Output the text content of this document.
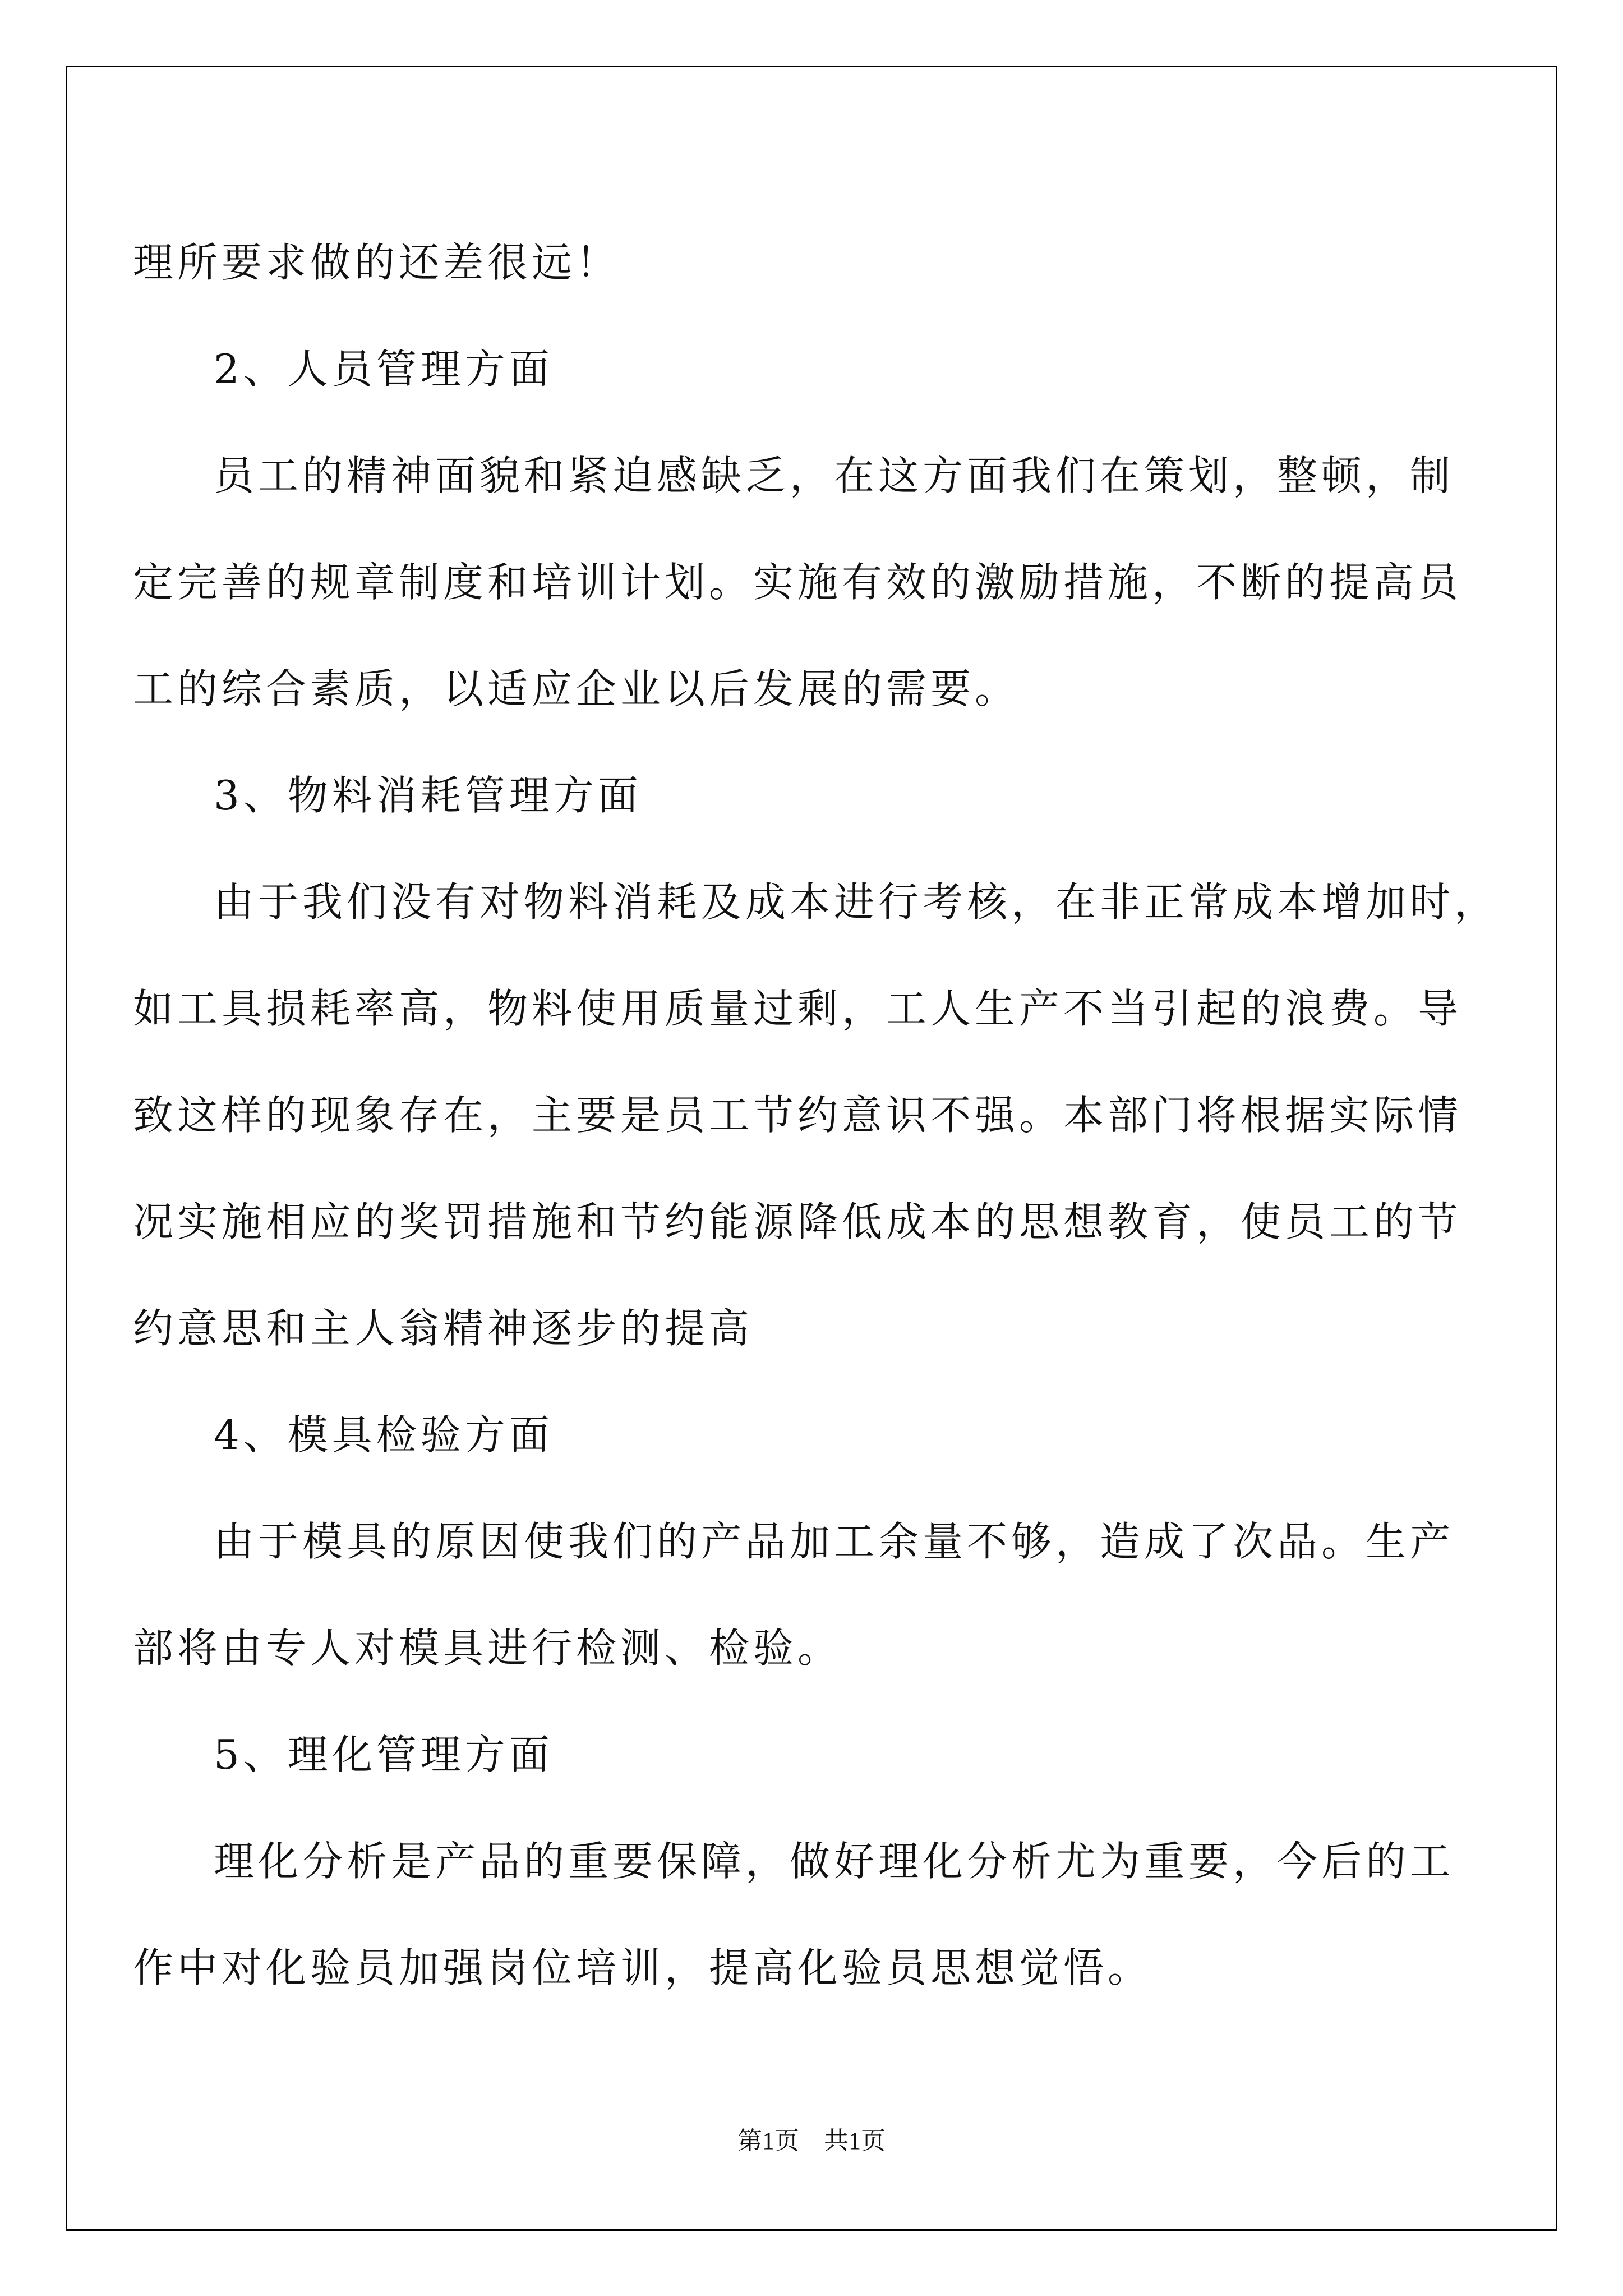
理所要求做的还差很远！
2、人员管理方面
员工的精神面貌和紧迫感缺乏，在这方面我们在策划，整顿，制
定完善的规章制度和培训计划。实施有效的激励措施，不断的提高员
工的综合素质，以适应企业以后发展的需要。
3、物料消耗管理方面
由于我们没有对物料消耗及成本进行考核，在非正常成本增加时，
如工具损耗率高，物料使用质量过剩，工人生产不当引起的浪费。导
致这样的现象存在，主要是员工节约意识不强。本部门将根据实际情
况实施相应的奖罚措施和节约能源降低成本的思想教育，使员工的节
约意思和主人翁精神逐步的提高
4、模具检验方面
由于模具的原因使我们的产品加工余量不够，造成了次品。生产
部将由专人对模具进行检测、检验。
5、理化管理方面
理化分析是产品的重要保障，做好理化分析尤为重要，今后的工
作中对化验员加强岗位培训，提高化验员思想觉悟。
第1页    共1页
